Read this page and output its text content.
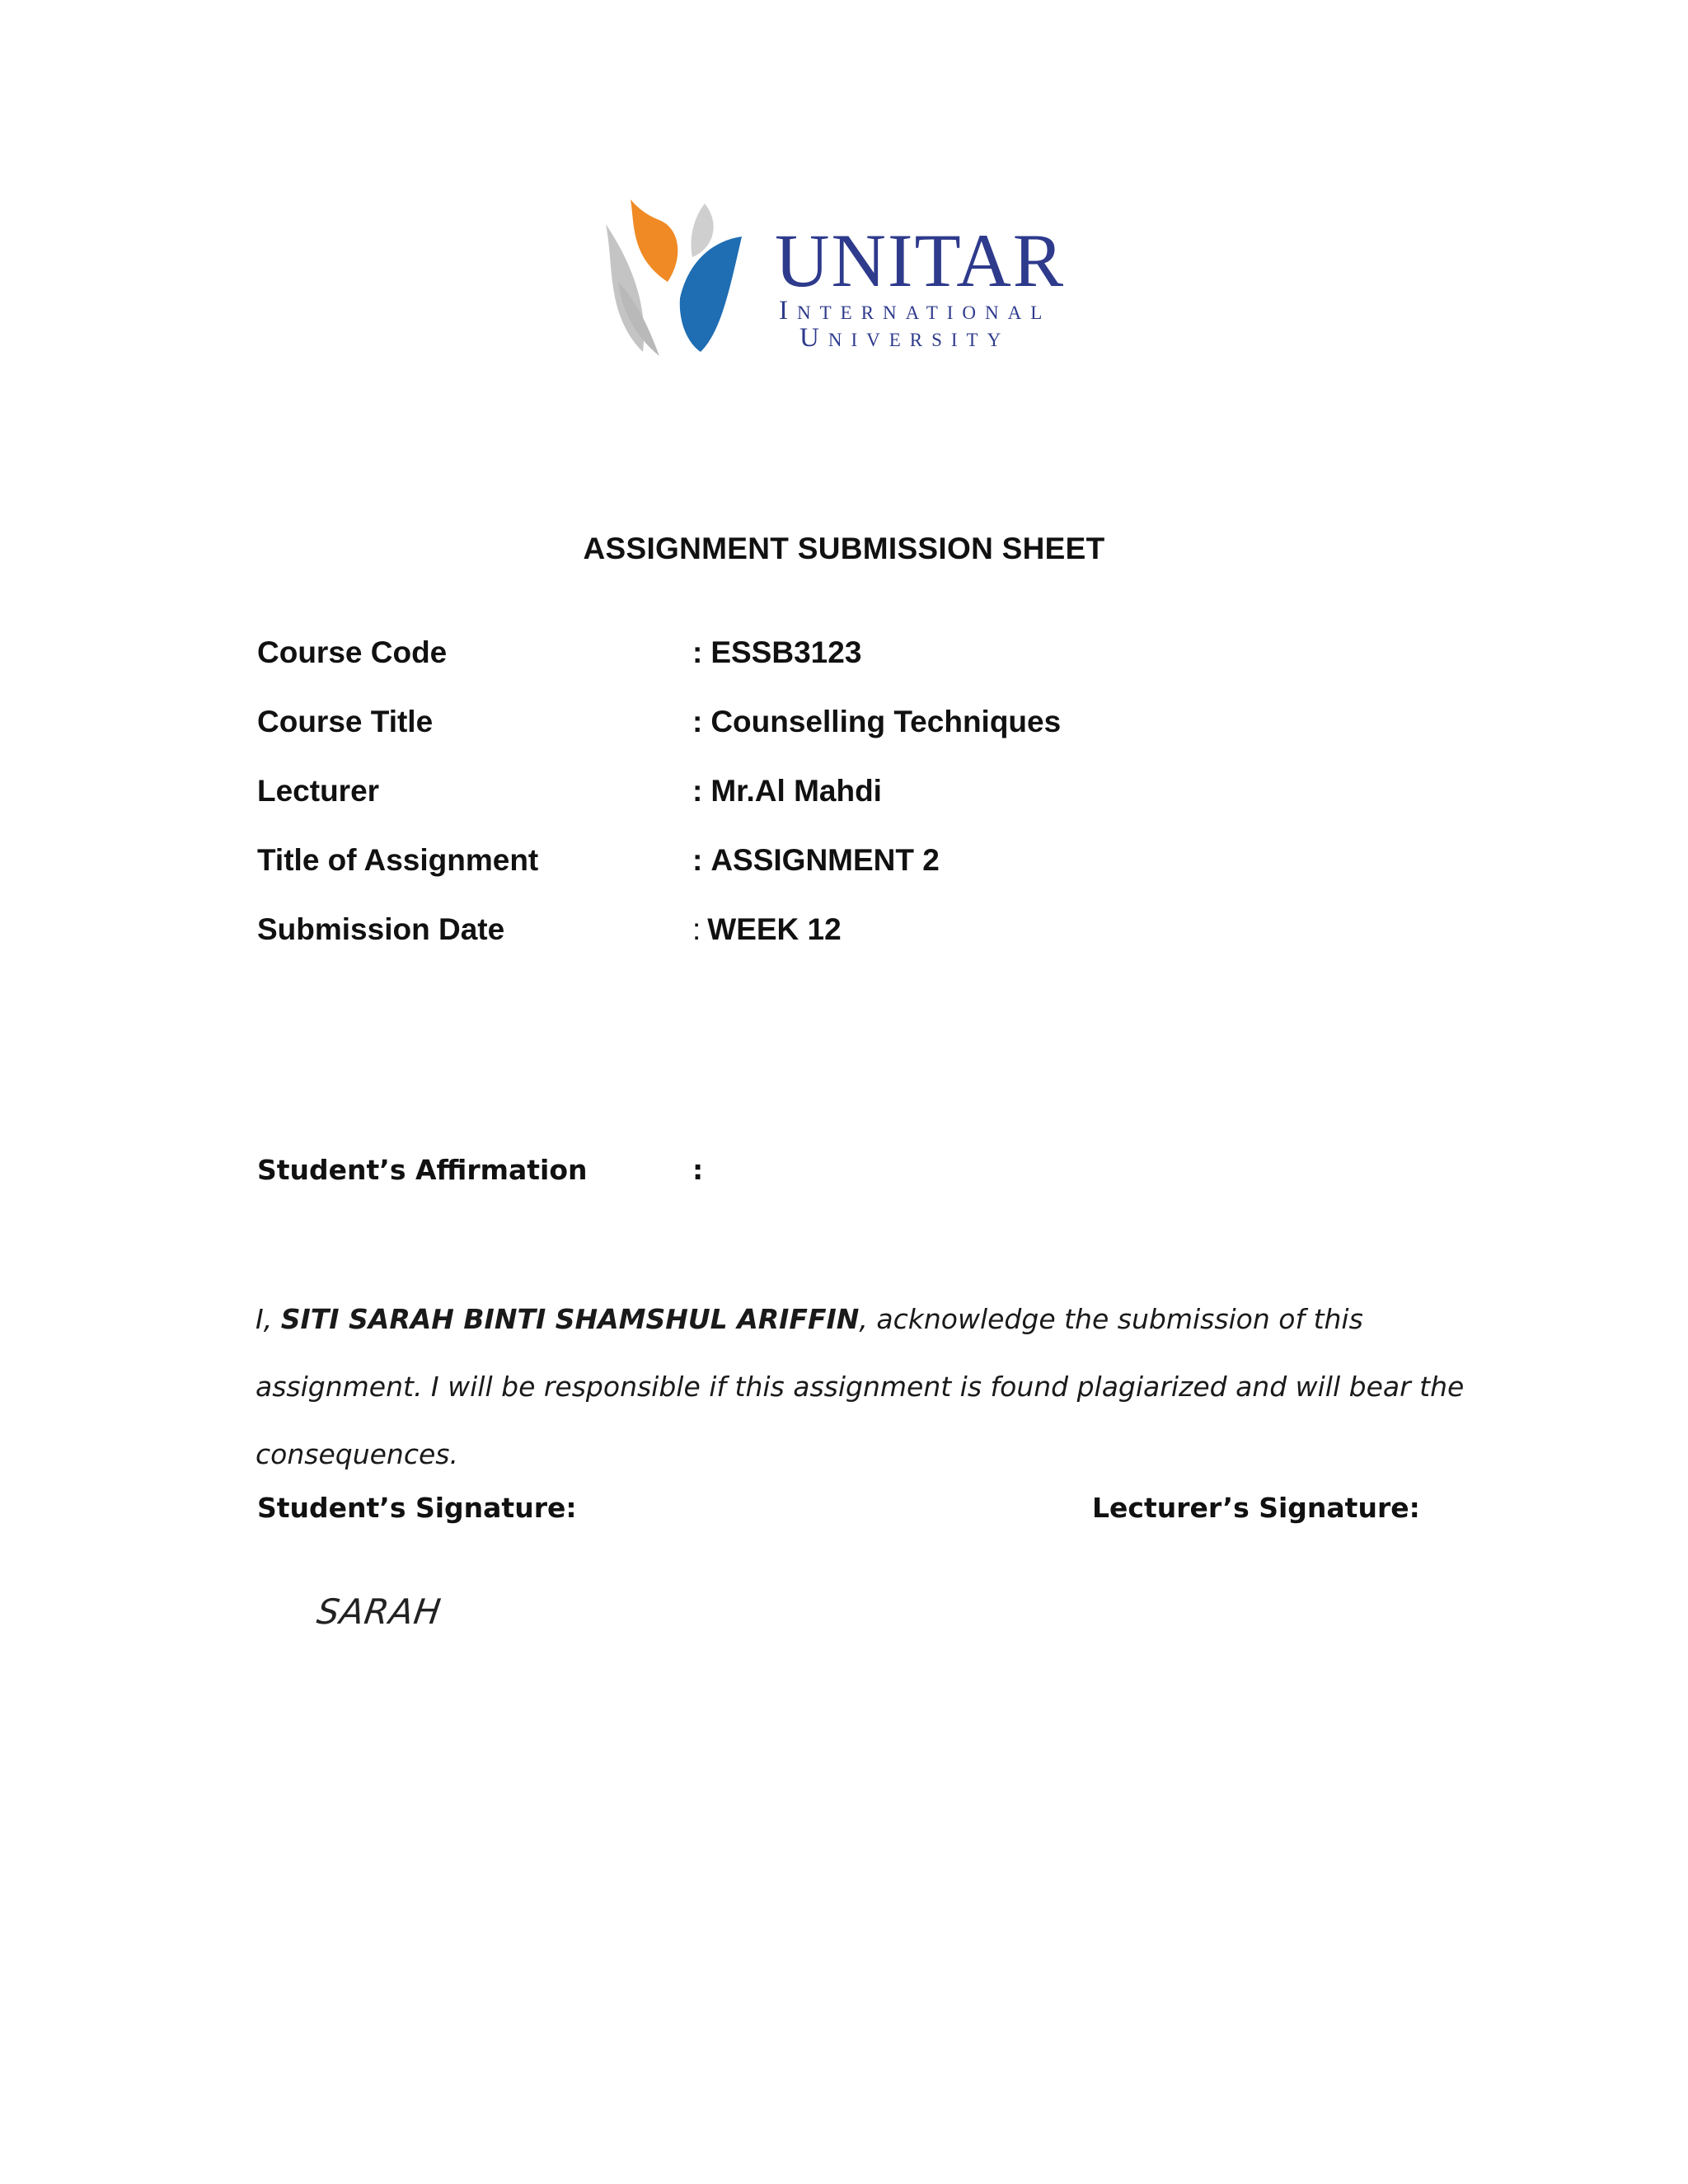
UNITAR
International
University
ASSIGNMENT SUBMISSION SHEET
Course Code	: ESSB3123
Course Title	: Counselling Techniques
Lecturer	: Mr.Al Mahdi
Title of Assignment	: ASSIGNMENT 2
Submission Date	: WEEK 12
Student’s Affirmation	:
I, SITI SARAH BINTI SHAMSHUL ARIFFIN, acknowledge the submission of this assignment. I will be responsible if this assignment is found plagiarized and will bear the consequences.
Student’s Signature:	Lecturer’s Signature:
SARAH
